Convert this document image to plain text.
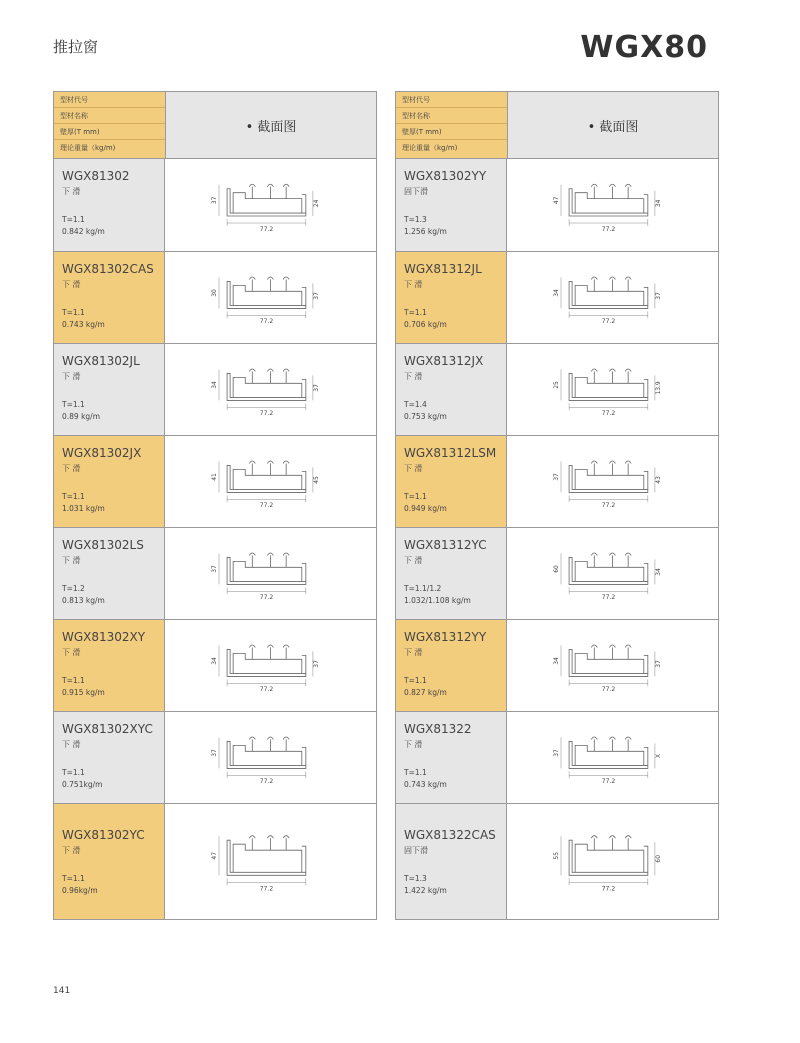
推拉窗	WGX80
型材代号
型材名称
壁厚(T mm)
理论重量（kg/m)
• 截面图
WGX81302
下 滑
T=1.1
0.842 kg/m	77.2
37	24
WGX81302CAS
下 滑
T=1.1
0.743 kg/m	77.2
30	37
WGX81302JL
下 滑
T=1.1
0.89 kg/m	77.2
34	37
WGX81302JX
下 滑
T=1.1
1.031 kg/m	77.2
41	45
WGX81302LS
下 滑
T=1.2
0.813 kg/m	77.2
37
WGX81302XY
下 滑
T=1.1
0.915 kg/m	77.2
34	37
WGX81302XYC
下 滑
T=1.1
0.751kg/m	77.2
37
WGX81302YC
下 滑
T=1.1
0.96kg/m	77.2
47
型材代号
型材名称
壁厚(T mm)
理论重量（kg/m)
• 截面图
WGX81302YY
固下滑
T=1.3
1.256 kg/m	77.2
47	34
WGX81312JL
下 滑
T=1.1
0.706 kg/m	77.2
34	37
WGX81312JX
下 滑
T=1.4
0.753 kg/m	77.2
25	13.9
WGX81312LSM
下 滑
T=1.1
0.949 kg/m	77.2
37	43
WGX81312YC
下 滑
T=1.1/1.2
1.032/1.108 kg/m	77.2
60	34
WGX81312YY
下 滑
T=1.1
0.827 kg/m	77.2
34	37
WGX81322
下 滑
T=1.1
0.743 kg/m	77.2
37	X
WGX81322CAS
固下滑
T=1.3
1.422 kg/m	77.2
55	60
141
